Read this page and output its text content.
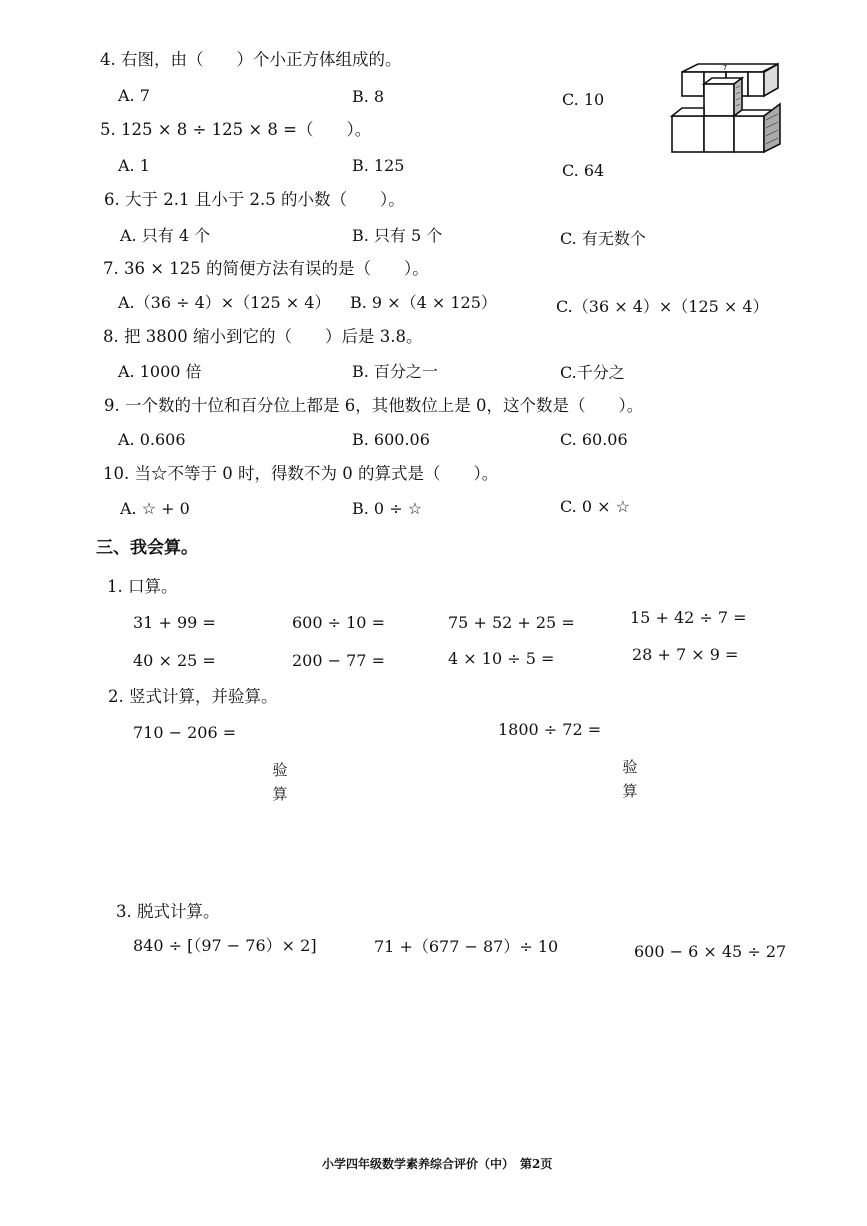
4. 右图，由（　　）个小正方体组成的。
A. 7	B. 8	C. 10
7
5. 125 × 8 ÷ 125 × 8 =（　　）。
A. 1	B. 125	C. 64
6. 大于 2.1 且小于 2.5 的小数（　　）。
A. 只有 4 个	B. 只有 5 个	C. 有无数个
7. 36 × 125 的简便方法有误的是（　　）。
A.（36 ÷ 4）×（125 × 4） B. 9 ×（4 × 125）	C.（36 × 4）×（125 × 4）
8. 把 3800 缩小到它的（　　）后是 3.8。
A. 1000 倍	B. 百分之一	C.千分之
9. 一个数的十位和百分位上都是 6，其他数位上是 0，这个数是（　　）。
A. 0.606	B. 600.06	C. 60.06
10. 当☆不等于 0 时，得数不为 0 的算式是（　　）。
A. ☆ + 0	B. 0 ÷ ☆	C. 0 × ☆
三、我会算。
1. 口算。
31 + 99 =	600 ÷ 10 =	75 + 52 + 25 =	15 + 42 ÷ 7 =
40 × 25 =	200 − 77 =	4 × 10 ÷ 5 =	28 + 7 × 9 =
2. 竖式计算，并验算。
710 − 206 =	1800 ÷ 72 =
验算
验算
3. 脱式计算。
840 ÷ [（97 − 76）× 2]	71 +（677 − 87）÷ 10	600 − 6 × 45 ÷ 27
小学四年级数学素养综合评价（中）　第2页
